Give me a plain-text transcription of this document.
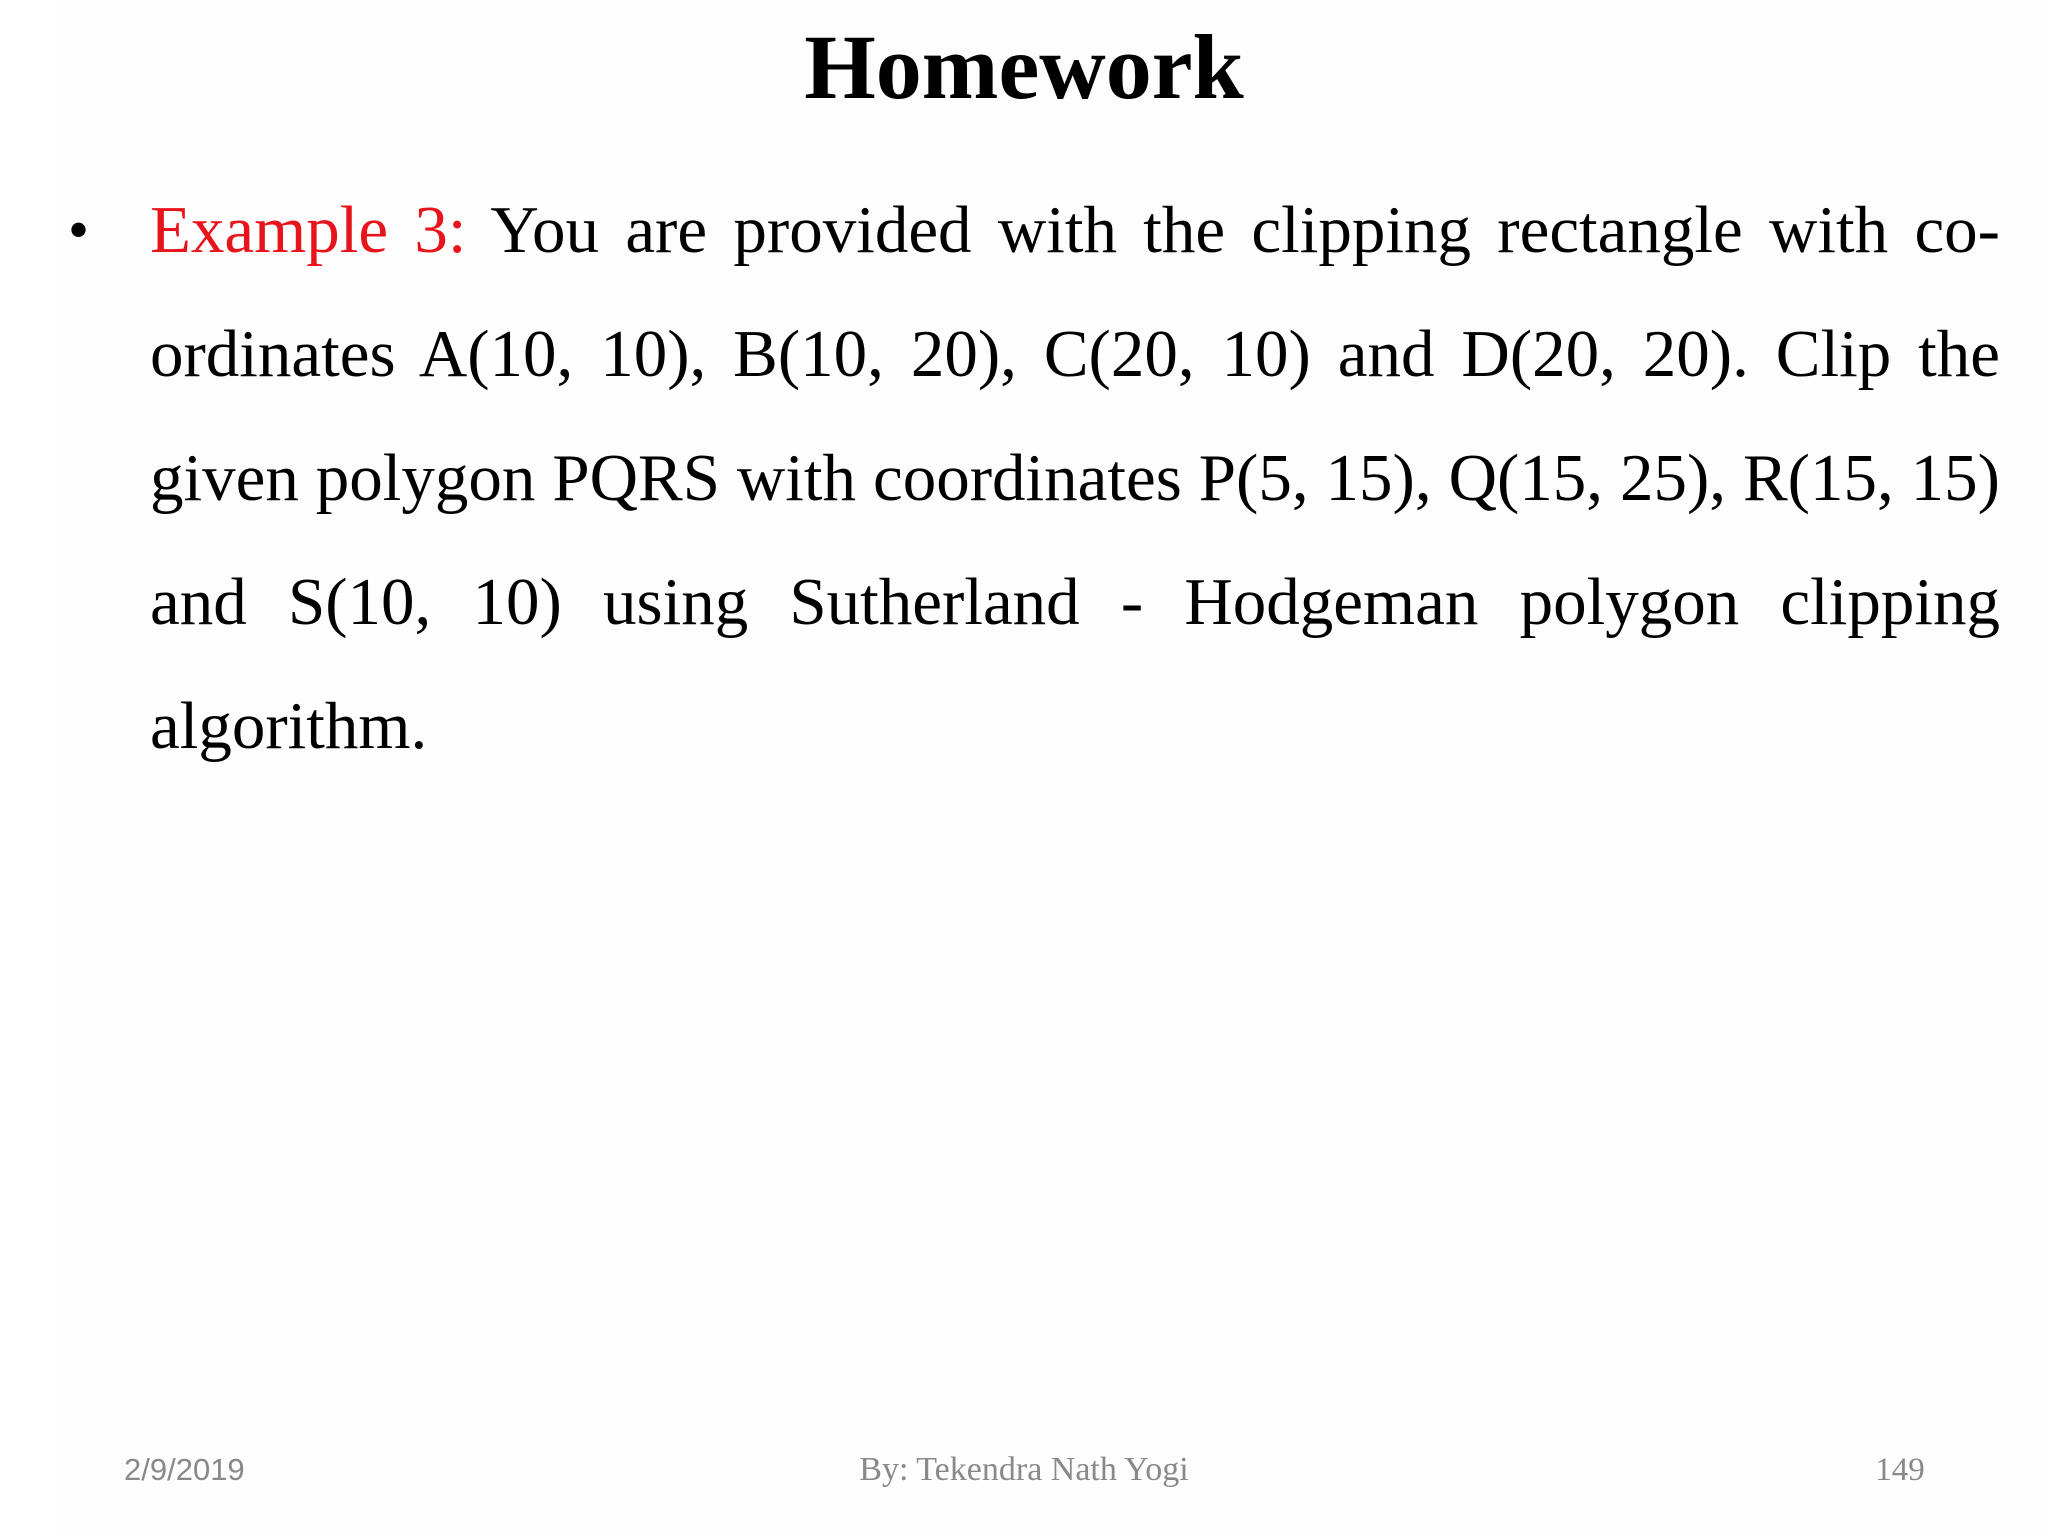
Homework
• Example 3: You are provided with the clipping rectangle with co-ordinates A(10, 10), B(10, 20), C(20, 10) and D(20, 20). Clip the given polygon PQRS with coordinates P(5, 15), Q(15, 25), R(15, 15) and S(10, 10) using Sutherland - Hodgeman polygon clipping algorithm.
2/9/2019	By: Tekendra Nath Yogi	149
